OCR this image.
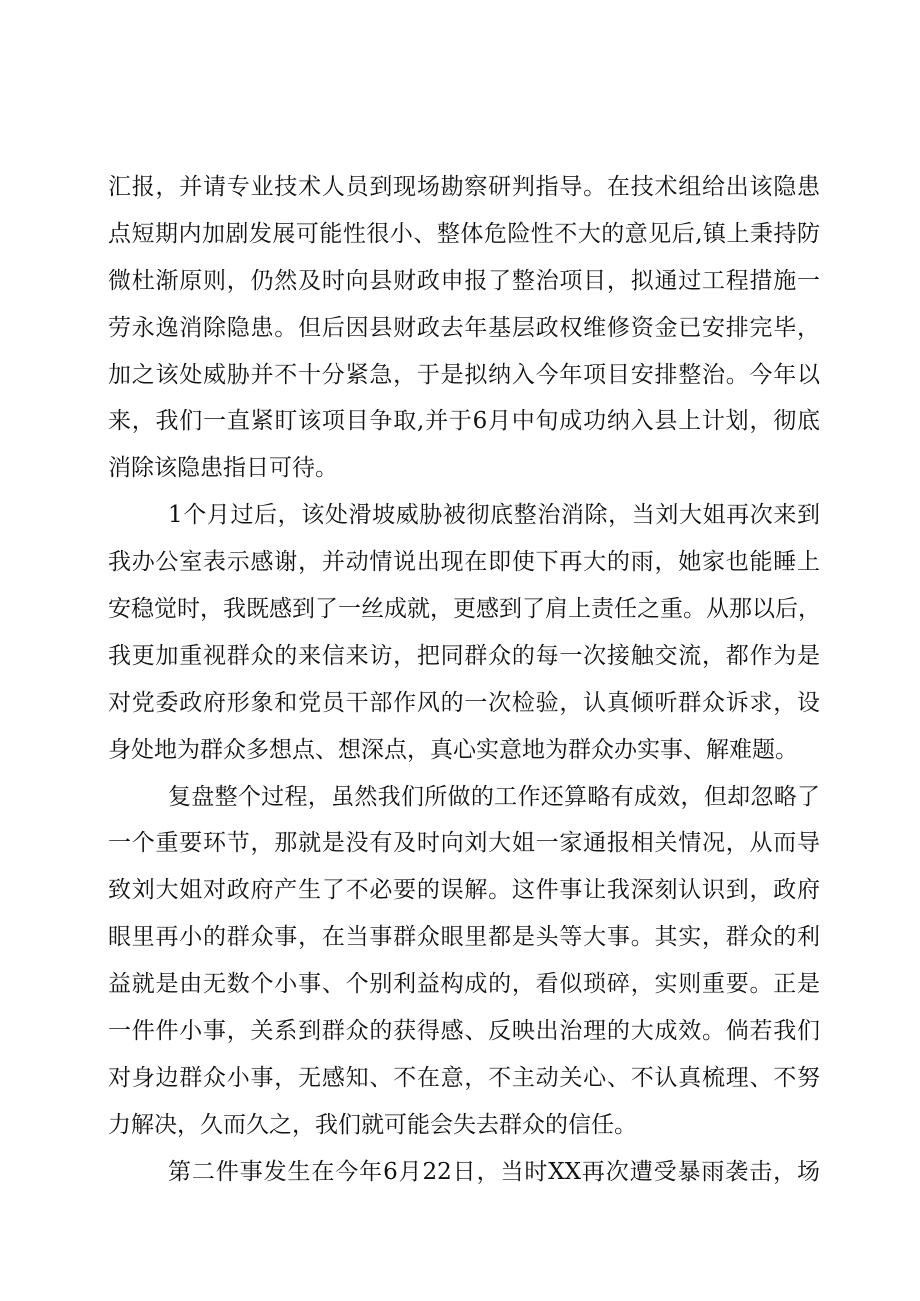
汇报，并请专业技术人员到现场勘察研判指导。在技术组给出该隐患
点短期内加剧发展可能性很小、整体危险性不大的意见后,镇上秉持防
微杜渐原则，仍然及时向县财政申报了整治项目，拟通过工程措施一
劳永逸消除隐患。但后因县财政去年基层政权维修资金已安排完毕，
加之该处威胁并不十分紧急，于是拟纳入今年项目安排整治。今年以
来，我们一直紧盯该项目争取,并于6月中旬成功纳入县上计划，彻底
消除该隐患指日可待。
1个月过后，该处滑坡威胁被彻底整治消除，当刘大姐再次来到
我办公室表示感谢，并动情说出现在即使下再大的雨，她家也能睡上
安稳觉时，我既感到了一丝成就，更感到了肩上责任之重。从那以后，
我更加重视群众的来信来访，把同群众的每一次接触交流，都作为是
对党委政府形象和党员干部作风的一次检验，认真倾听群众诉求，设
身处地为群众多想点、想深点，真心实意地为群众办实事、解难题。
复盘整个过程，虽然我们所做的工作还算略有成效，但却忽略了
一个重要环节，那就是没有及时向刘大姐一家通报相关情况，从而导
致刘大姐对政府产生了不必要的误解。这件事让我深刻认识到，政府
眼里再小的群众事，在当事群众眼里都是头等大事。其实，群众的利
益就是由无数个小事、个别利益构成的，看似琐碎，实则重要。正是
一件件小事，关系到群众的获得感、反映出治理的大成效。倘若我们
对身边群众小事，无感知、不在意，不主动关心、不认真梳理、不努
力解决，久而久之，我们就可能会失去群众的信任。
第二件事发生在今年6月22日，当时XX再次遭受暴雨袭击，场
